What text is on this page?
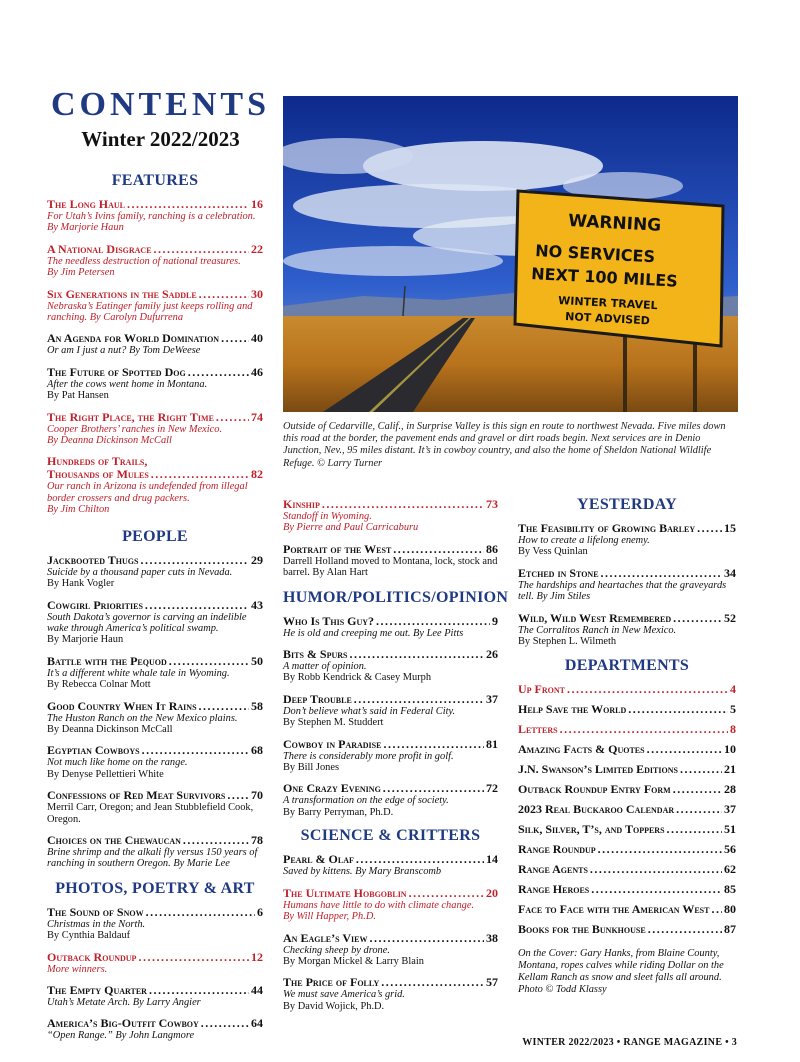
CONTENTS
Winter 2022/2023
WARNING
NO SERVICES
NEXT 100 MILES
WINTER TRAVEL
NOT ADVISED
Outside of Cedarville, Calif., in Surprise Valley is this sign en route to northwest Nevada. Five miles down this road at the border, the pavement ends and gravel or dirt roads begin. Next services are in Denio Junction, Nev., 95 miles distant. It’s in cowboy country, and also the home of Sheldon National Wildlife Refuge. © Larry Turner
FEATURES
The Long Haul .....	16
For Utah’s Ivins family, ranching is a celebration. By Marjorie Haun
A National Disgrace .....	22
The needless destruction of national treasures.
By Jim Petersen
Six Generations in the Saddle .....	30
Nebraska’s Eatinger family just keeps rolling and ranching. By Carolyn Dufurrena
An Agenda for World Domination .....	40
Or am I just a nut? By Tom DeWeese
The Future of Spotted Dog .....	46
After the cows went home in Montana.
By Pat Hansen
The Right Place, the Right Time .....	74
Cooper Brothers’ ranches in New Mexico.
By Deanna Dickinson McCall
Hundreds of Trails,
Thousands of Mules .....	82
Our ranch in Arizona is undefended from illegal border crossers and drug packers.
By Jim Chilton
PEOPLE
Jackbooted Thugs .....	29
Suicide by a thousand paper cuts in Nevada.
By Hank Vogler
Cowgirl Priorities .....	43
South Dakota’s governor is carving an indelible wake through America’s political swamp.
By Marjorie Haun
Battle with the Pequod .....	50
It’s a different white whale tale in Wyoming.
By Rebecca Colnar Mott
Good Country When It Rains .....	58
The Huston Ranch on the New Mexico plains.
By Deanna Dickinson McCall
Egyptian Cowboys .....	68
Not much like home on the range.
By Denyse Pellettieri White
Confessions of Red Meat Survivors ..... 70
Merril Carr, Oregon; and Jean Stubblefield Cook, Oregon.
Choices on the Chewaucan .....	78
Brine shrimp and the alkali fly versus 150 years of ranching in southern Oregon. By Marie Lee
PHOTOS, POETRY & ART
The Sound of Snow .....	6
Christmas in the North.
By Cynthia Baldauf
Outback Roundup .....	12
More winners.
The Empty Quarter .....	44
Utah’s Metate Arch. By Larry Angier
America’s Big-Outfit Cowboy .....	64
“Open Range.” By John Langmore
Kinship .....	73
Standoff in Wyoming.
By Pierre and Paul Carricaburu
Portrait of the West .....	86
Darrell Holland moved to Montana, lock, stock and barrel. By Alan Hart
HUMOR/POLITICS/OPINION
Who Is This Guy? .....	9
He is old and creeping me out. By Lee Pitts
Bits & Spurs .....	26
A matter of opinion.
By Robb Kendrick & Casey Murph
Deep Trouble .....	37
Don’t believe what’s said in Federal City.
By Stephen M. Studdert
Cowboy in Paradise .....	81
There is considerably more profit in golf.
By Bill Jones
One Crazy Evening .....	72
A transformation on the edge of society.
By Barry Perryman, Ph.D.
SCIENCE & CRITTERS
Pearl & Olaf .....	14
Saved by kittens. By Mary Branscomb
The Ultimate Hobgoblin .....	20
Humans have little to do with climate change.
By Will Happer, Ph.D.
An Eagle’s View .....	38
Checking sheep by drone.
By Morgan Mickel & Larry Blain
The Price of Folly .....	57
We must save America’s grid.
By David Wojick, Ph.D.
YESTERDAY
The Feasibility of Growing Barley ..... 15
How to create a lifelong enemy.
By Vess Quinlan
Etched in Stone .....	34
The hardships and heartaches that the graveyards tell. By Jim Stiles
Wild, Wild West Remembered .....	52
The Corralitos Ranch in New Mexico.
By Stephen L. Wilmeth
DEPARTMENTS
Up Front .....	4
Help Save the World .....	5
Letters .....	8
Amazing Facts & Quotes .....	10
J.N. Swanson’s Limited Editions .....	21
Outback Roundup Entry Form .....	28
2023 Real Buckaroo Calendar .....	37
Silk, Silver, T’s, and Toppers .....	51
Range Roundup .....	56
Range Agents .....	62
Range Heroes .....	85
Face to Face with the American West ..... 80
Books for the Bunkhouse .....	87
On the Cover: Gary Hanks, from Blaine County, Montana, ropes calves while riding Dollar on the Kellam Ranch as snow and sleet falls all around. Photo © Todd Klassy
WINTER 2022/2023 • RANGE MAGAZINE • 3
